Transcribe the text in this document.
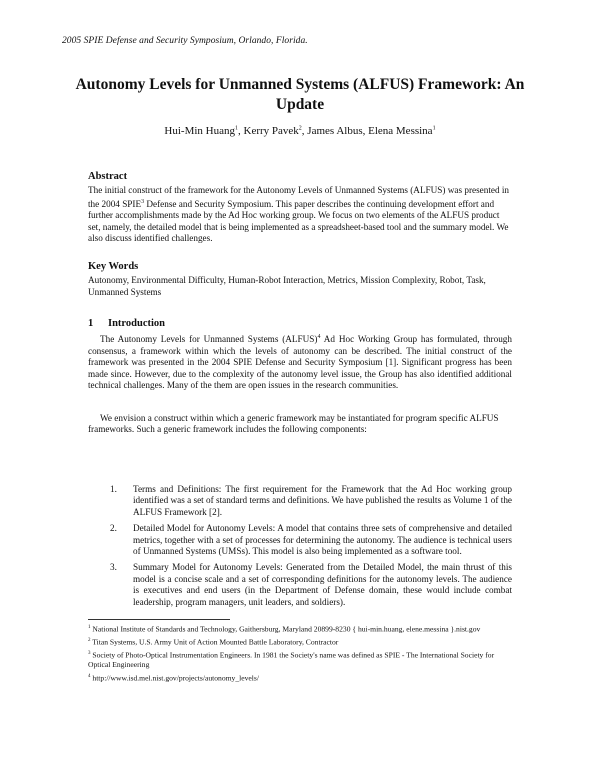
2005 SPIE Defense and Security Symposium, Orlando, Florida.
Autonomy Levels for Unmanned Systems (ALFUS) Framework: An
Update
Hui-Min Huang$^1$, Kerry Pavek$^2$, James Albus, Elena Messina$^1$
Abstract
The initial construct of the framework for the Autonomy Levels of Unmanned Systems (ALFUS) was presented in the 2004 SPIE$^3$ Defense and Security Symposium. This paper describes the continuing development effort and further accomplishments made by the Ad Hoc working group. We focus on two elements of the ALFUS product set, namely, the detailed model that is being implemented as a spreadsheet-based tool and the summary model. We also discuss identified challenges.
Key Words
Autonomy, Environmental Difficulty, Human-Robot Interaction, Metrics, Mission Complexity, Robot, Task, Unmanned Systems
1 Introduction
The Autonomy Levels for Unmanned Systems (ALFUS)$^4$ Ad Hoc Working Group has formulated, through consensus, a framework within which the levels of autonomy can be described. The initial construct of the framework was presented in the 2004 SPIE Defense and Security Symposium [1]. Significant progress has been made since. However, due to the complexity of the autonomy level issue, the Group has also identified additional technical challenges. Many of the them are open issues in the research communities.
We envision a construct within which a generic framework may be instantiated for program specific ALFUS frameworks. Such a generic framework includes the following components:
1. Terms and Definitions: The first requirement for the Framework that the Ad Hoc working group identified was a set of standard terms and definitions. We have published the results as Volume 1 of the ALFUS Framework [2].
2. Detailed Model for Autonomy Levels: A model that contains three sets of comprehensive and detailed metrics, together with a set of processes for determining the autonomy. The audience is technical users of Unmanned Systems (UMSs). This model is also being implemented as a software tool.
3. Summary Model for Autonomy Levels: Generated from the Detailed Model, the main thrust of this model is a concise scale and a set of corresponding definitions for the autonomy levels. The audience is executives and end users (in the Department of Defense domain, these would include combat leadership, program managers, unit leaders, and soldiers).
$^1$ National Institute of Standards and Technology, Gaithersburg, Maryland 20899-8230 { hui-min.huang, elene.messina }.nist.gov
$^2$ Titan Systems, U.S. Army Unit of Action Mounted Battle Laboratory, Contractor
$^3$ Society of Photo-Optical Instrumentation Engineers. In 1981 the Society's name was defined as SPIE - The International Society for Optical Engineering
$^4$ http://www.isd.mel.nist.gov/projects/autonomy_levels/
